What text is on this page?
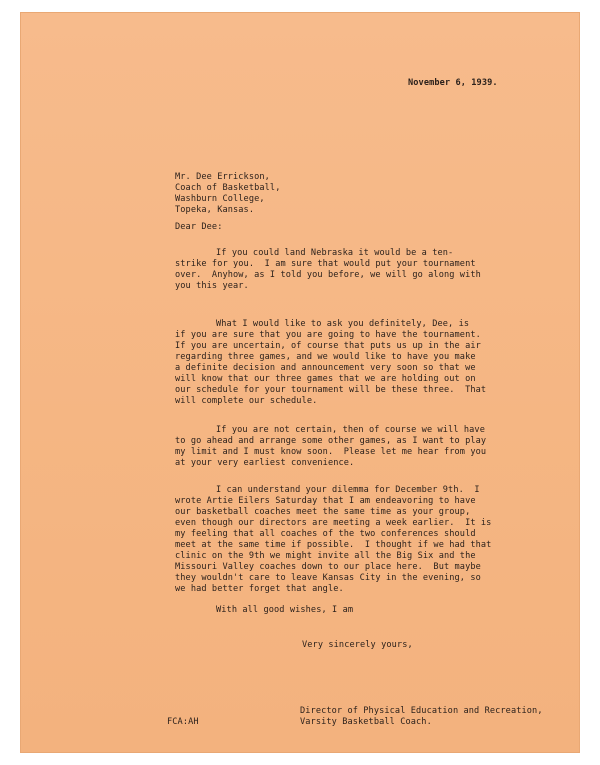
November 6, 1939.
Mr. Dee Errickson,
Coach of Basketball,
Washburn College,
Topeka, Kansas.
Dear Dee:
If you could land Nebraska it would be a ten-
strike for you.  I am sure that would put your tournament
over.  Anyhow, as I told you before, we will go along with
you this year.
What I would like to ask you definitely, Dee, is
if you are sure that you are going to have the tournament.
If you are uncertain, of course that puts us up in the air
regarding three games, and we would like to have you make
a definite decision and announcement very soon so that we
will know that our three games that we are holding out on
our schedule for your tournament will be these three.  That
will complete our schedule.
If you are not certain, then of course we will have
to go ahead and arrange some other games, as I want to play
my limit and I must know soon.  Please let me hear from you
at your very earliest convenience.
I can understand your dilemma for December 9th.  I
wrote Artie Eilers Saturday that I am endeavoring to have
our basketball coaches meet the same time as your group,
even though our directors are meeting a week earlier.  It is
my feeling that all coaches of the two conferences should
meet at the same time if possible.  I thought if we had that
clinic on the 9th we might invite all the Big Six and the
Missouri Valley coaches down to our place here.  But maybe
they wouldn't care to leave Kansas City in the evening, so
we had better forget that angle.
With all good wishes, I am
Very sincerely yours,
Director of Physical Education and Recreation,
Varsity Basketball Coach.
FCA:AH
